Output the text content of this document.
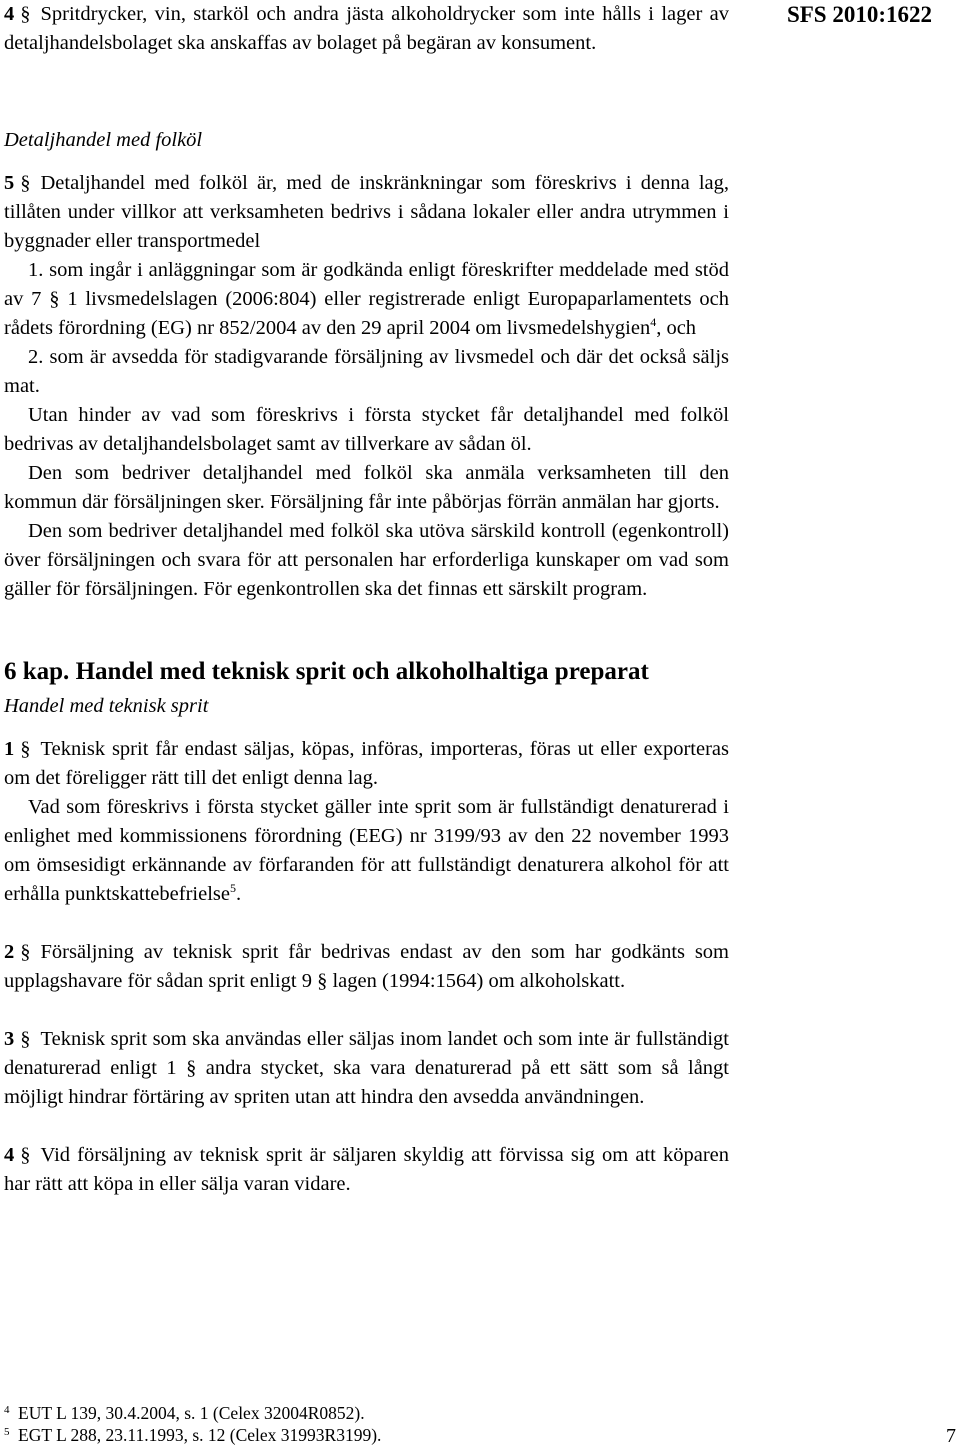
SFS 2010:1622

4 § Spritdrycker, vin, starköl och andra jästa alkoholdrycker som inte hålls i lager av detaljhandelsbolaget ska anskaffas av bolaget på begäran av konsument.

Detaljhandel med folköl

5 § Detaljhandel med folköl är, med de inskränkningar som föreskrivs i denna lag, tillåten under villkor att verksamheten bedrivs i sådana lokaler eller andra utrymmen i byggnader eller transportmedel

1. som ingår i anläggningar som är godkända enligt föreskrifter meddelade med stöd av 7 § 1 livsmedelslagen (2006:804) eller registrerade enligt Europaparlamentets och rådets förordning (EG) nr 852/2004 av den 29 april 2004 om livsmedelshygien$^4$, och

2. som är avsedda för stadigvarande försäljning av livsmedel och där det också säljs mat.

Utan hinder av vad som föreskrivs i första stycket får detaljhandel med folköl bedrivas av detaljhandelsbolaget samt av tillverkare av sådan öl.

Den som bedriver detaljhandel med folköl ska anmäla verksamheten till den kommun där försäljningen sker. Försäljning får inte påbörjas förrän anmälan har gjorts.

Den som bedriver detaljhandel med folköl ska utöva särskild kontroll (egenkontroll) över försäljningen och svara för att personalen har erforderliga kunskaper om vad som gäller för försäljningen. För egenkontrollen ska det finnas ett särskilt program.

6 kap. Handel med teknisk sprit och alkoholhaltiga preparat

Handel med teknisk sprit

1 § Teknisk sprit får endast säljas, köpas, införas, importeras, föras ut eller exporteras om det föreligger rätt till det enligt denna lag.

Vad som föreskrivs i första stycket gäller inte sprit som är fullständigt denaturerad i enlighet med kommissionens förordning (EEG) nr 3199/93 av den 22 november 1993 om ömsesidigt erkännande av förfaranden för att fullständigt denaturera alkohol för att erhålla punktskattebefrielse$^5$.

2 § Försäljning av teknisk sprit får bedrivas endast av den som har godkänts som upplagshavare för sådan sprit enligt 9 § lagen (1994:1564) om alkoholskatt.

3 § Teknisk sprit som ska användas eller säljas inom landet och som inte är fullständigt denaturerad enligt 1 § andra stycket, ska vara denaturerad på ett sätt som så långt möjligt hindrar förtäring av spriten utan att hindra den avsedda användningen.

4 § Vid försäljning av teknisk sprit är säljaren skyldig att förvissa sig om att köparen har rätt att köpa in eller sälja varan vidare.

4 EUT L 139, 30.4.2004, s. 1 (Celex 32004R0852).
5 EGT L 288, 23.11.1993, s. 12 (Celex 31993R3199).	7
